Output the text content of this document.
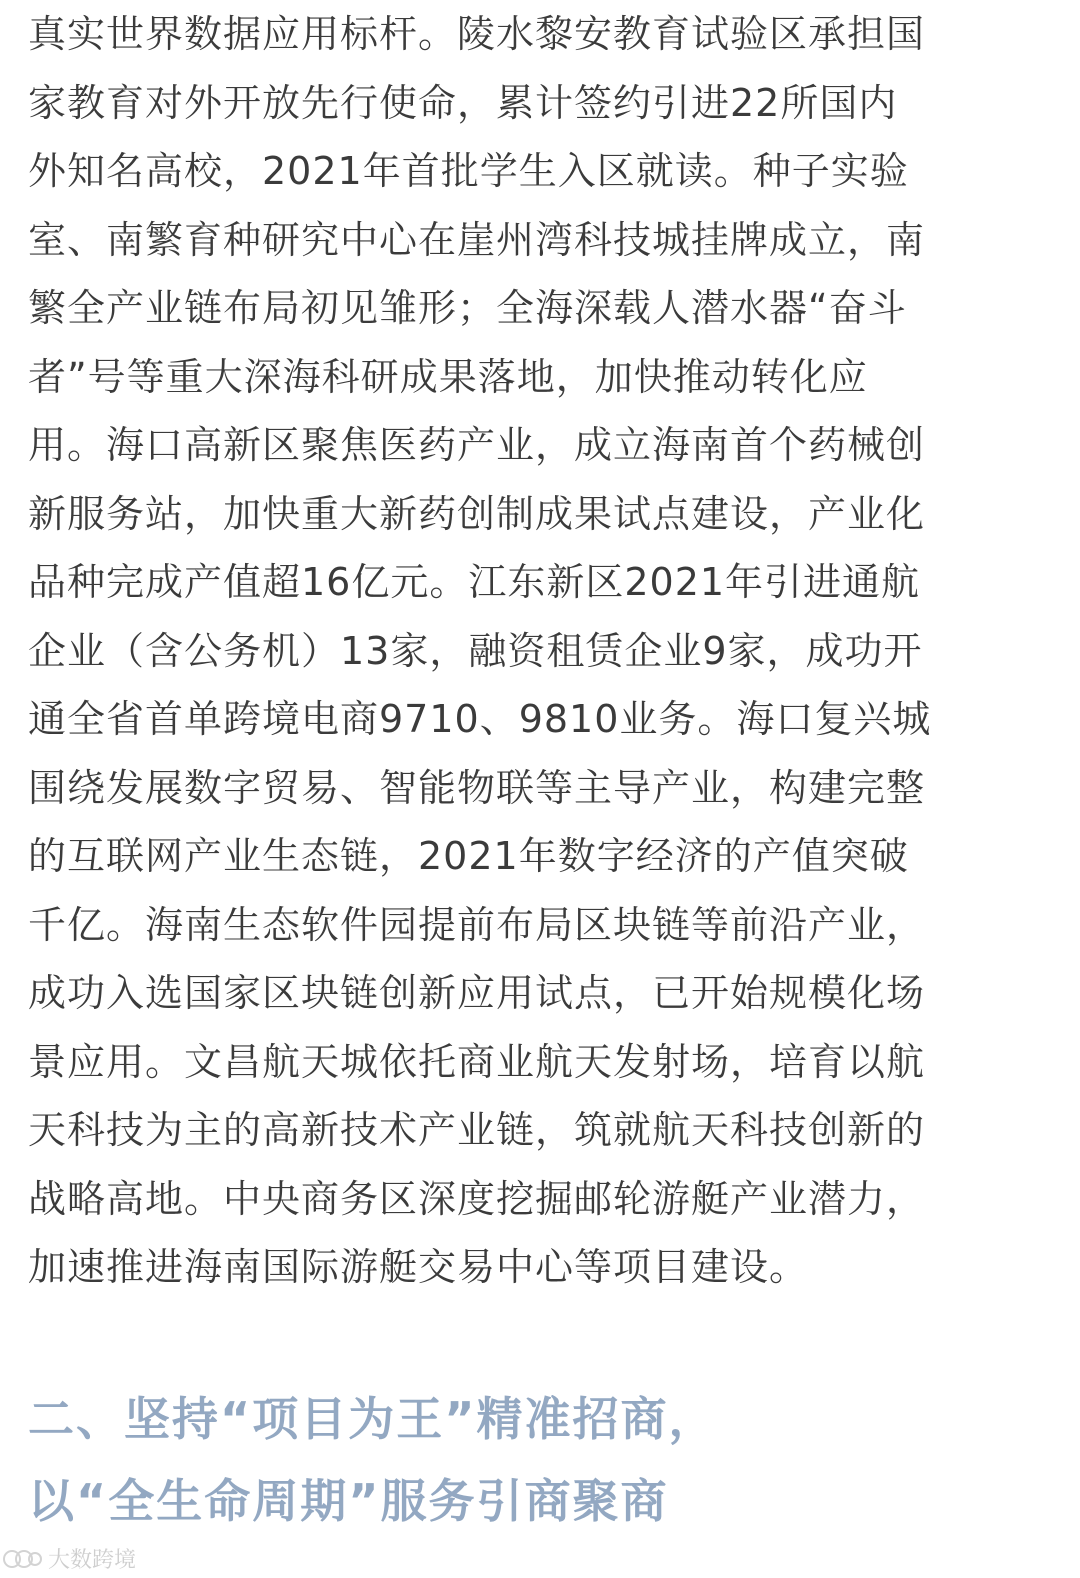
真实世界数据应用标杆。陵水黎安教育试验区承担国
家教育对外开放先行使命，累计签约引进22所国内
外知名高校，2021年首批学生入区就读。种子实验
室、南繁育种研究中心在崖州湾科技城挂牌成立，南
繁全产业链布局初见雏形；全海深载人潜水器“奋斗
者”号等重大深海科研成果落地，加快推动转化应
用。海口高新区聚焦医药产业，成立海南首个药械创
新服务站，加快重大新药创制成果试点建设，产业化
品种完成产值超16亿元。江东新区2021年引进通航
企业（含公务机）13家，融资租赁企业9家，成功开
通全省首单跨境电商9710、9810业务。海口复兴城
围绕发展数字贸易、智能物联等主导产业，构建完整
的互联网产业生态链，2021年数字经济的产值突破
千亿。海南生态软件园提前布局区块链等前沿产业，
成功入选国家区块链创新应用试点，已开始规模化场
景应用。文昌航天城依托商业航天发射场，培育以航
天科技为主的高新技术产业链，筑就航天科技创新的
战略高地。中央商务区深度挖掘邮轮游艇产业潜力，
加速推进海南国际游艇交易中心等项目建设。

二、坚持“项目为王”精准招商，
以“全生命周期”服务引商聚商
大数跨境
